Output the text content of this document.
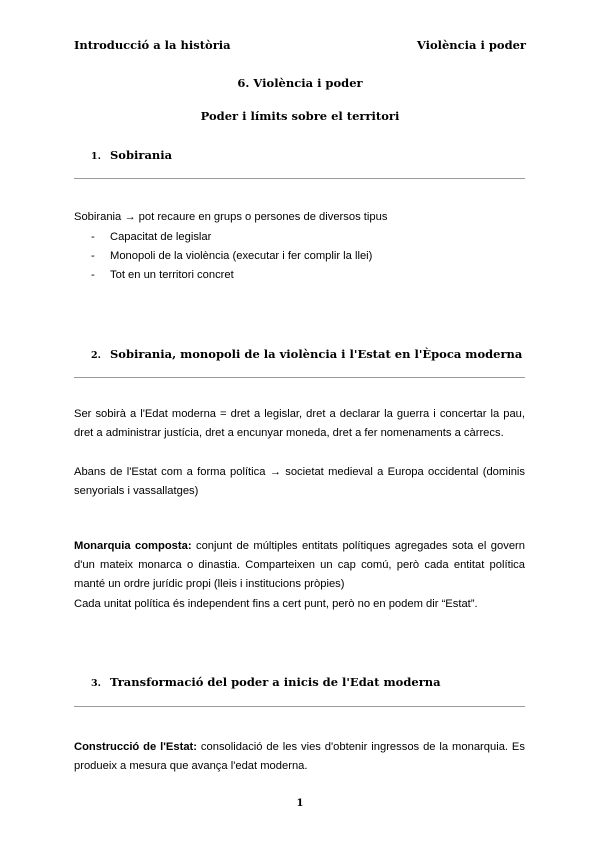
Introducció a la història	Violència i poder
6. Violència i poder
Poder i límits sobre el territori
1. Sobirania
Sobirania → pot recaure en grups o persones de diversos tipus
- Capacitat de legislar
- Monopoli de la violència (executar i fer complir la llei)
- Tot en un territori concret
2. Sobirania, monopoli de la violència i l'Estat en l'Època moderna
Ser sobirà a l'Edat moderna = dret a legislar, dret a declarar la guerra i concertar la pau, dret a administrar justícia, dret a encunyar moneda, dret a fer nomenaments a càrrecs.
Abans de l'Estat com a forma política → societat medieval a Europa occidental (dominis senyorials i vassallatges)
Monarquia composta: conjunt de múltiples entitats polítiques agregades sota el govern d'un mateix monarca o dinastia. Comparteixen un cap comú, però cada entitat política manté un ordre jurídic propi (lleis i institucions pròpies)
Cada unitat política és independent fins a cert punt, però no en podem dir “Estat”.
3. Transformació del poder a inicis de l'Edat moderna
Construcció de l'Estat: consolidació de les vies d'obtenir ingressos de la monarquia. Es produeix a mesura que avança l'edat moderna.
1
